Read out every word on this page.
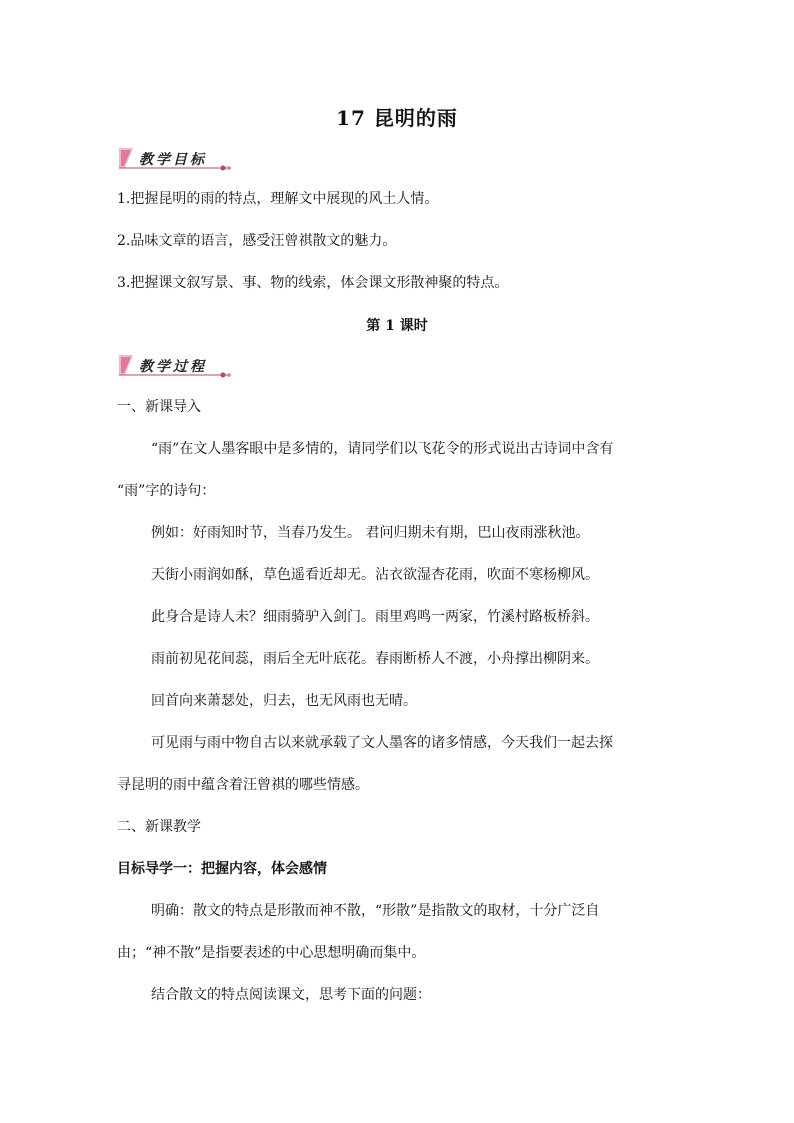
17 昆明的雨
教学目标
1.把握昆明的雨的特点，理解文中展现的风土人情。
2.品味文章的语言，感受汪曾祺散文的魅力。
3.把握课文叙写景、事、物的线索，体会课文形散神聚的特点。
第 1 课时
教学过程
一、新课导入
“雨”在文人墨客眼中是多情的，请同学们以飞花令的形式说出古诗词中含有
“雨”字的诗句：
例如：好雨知时节，当春乃发生。 君问归期未有期，巴山夜雨涨秋池。
天街小雨润如酥，草色遥看近却无。沾衣欲湿杏花雨，吹面不寒杨柳风。
此身合是诗人未？细雨骑驴入剑门。雨里鸡鸣一两家，竹溪村路板桥斜。
雨前初见花间蕊，雨后全无叶底花。春雨断桥人不渡，小舟撑出柳阴来。
回首向来萧瑟处，归去，也无风雨也无晴。
可见雨与雨中物自古以来就承载了文人墨客的诸多情感，今天我们一起去探
寻昆明的雨中蕴含着汪曾祺的哪些情感。
二、新课教学
目标导学一：把握内容，体会感情
明确：散文的特点是形散而神不散，“形散”是指散文的取材，十分广泛自
由；“神不散”是指要表述的中心思想明确而集中。
结合散文的特点阅读课文，思考下面的问题：
